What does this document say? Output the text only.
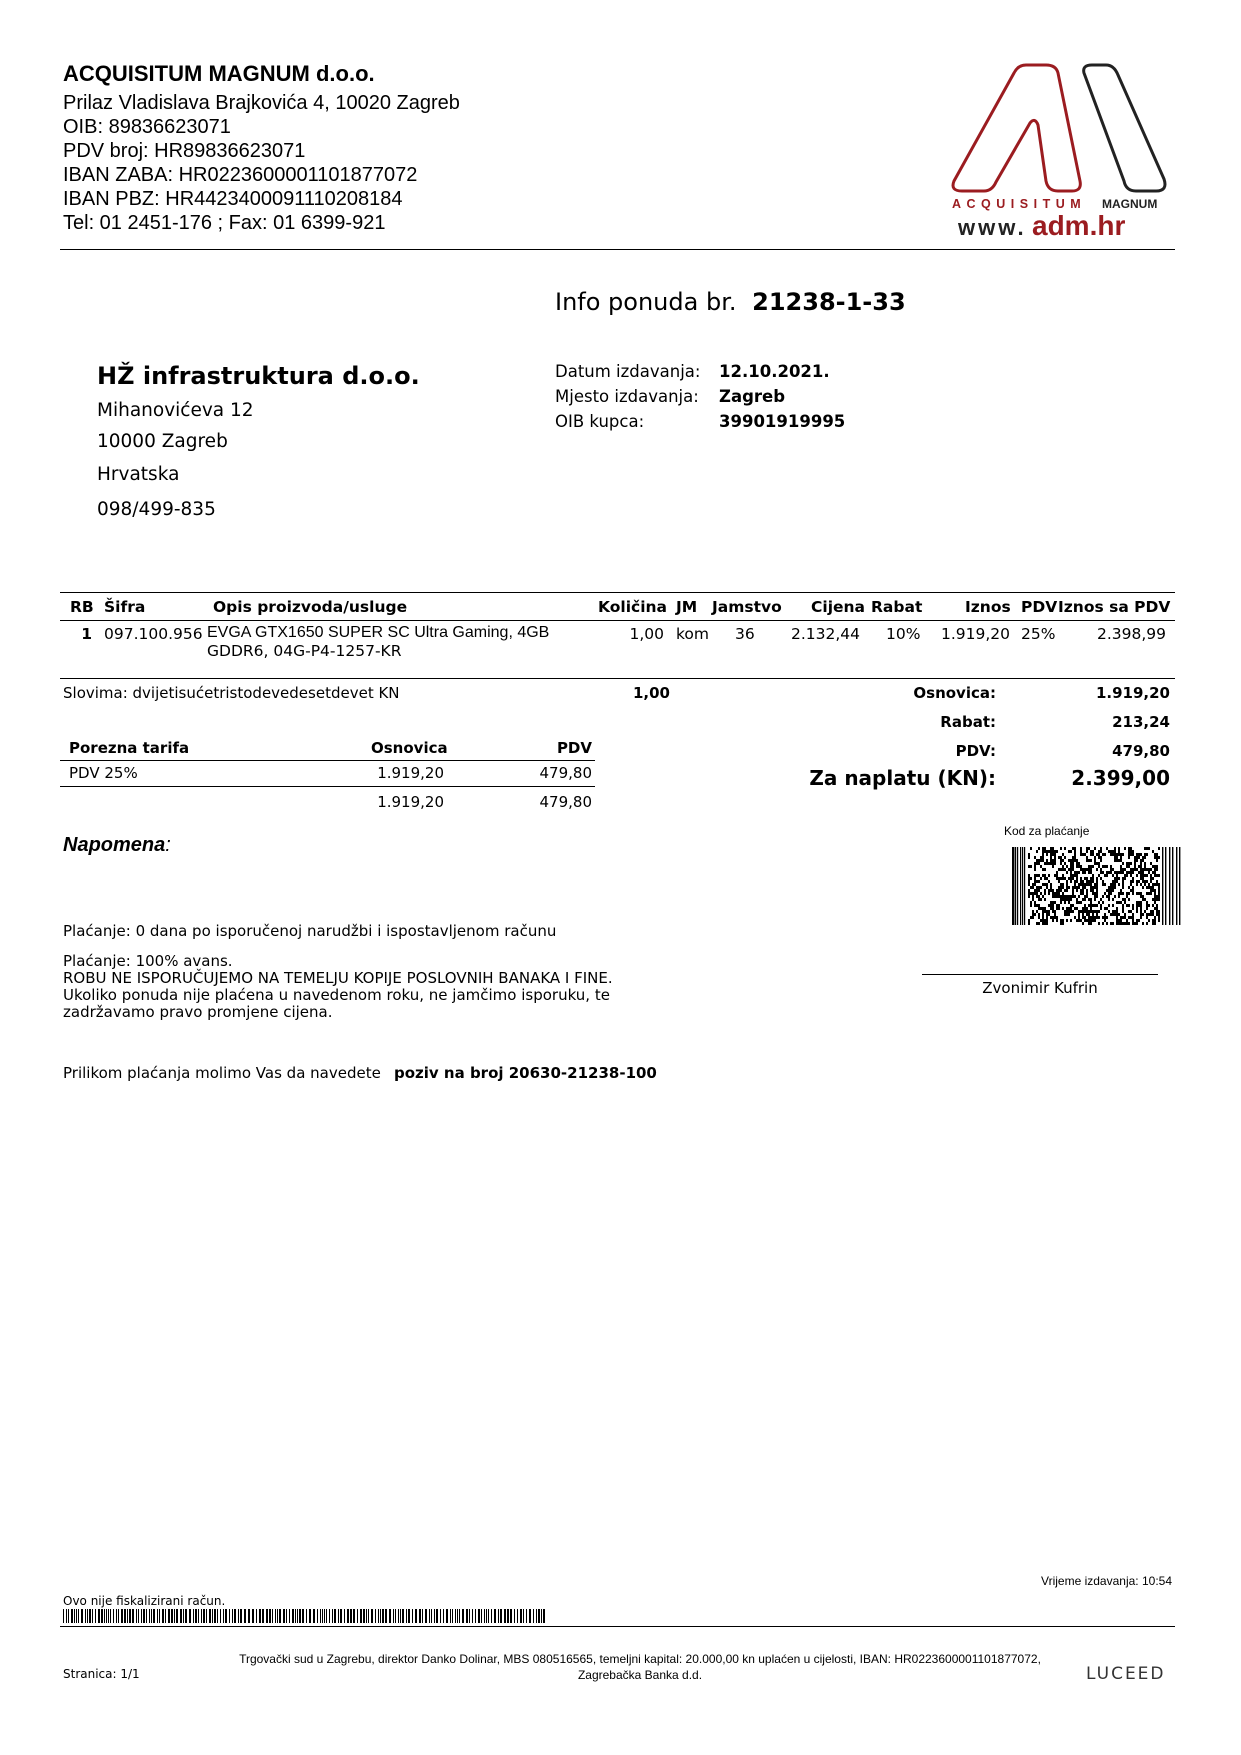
ACQUISITUM MAGNUM d.o.o.
Prilaz Vladislava Brajkovića 4, 10020 Zagreb
OIB: 89836623071
PDV broj: HR89836623071
IBAN ZABA: HR0223600001101877072
IBAN PBZ: HR4423400091110208184
Tel: 01 2451-176 ; Fax: 01 6399-921
ACQUISITUM MAGNUM
www. adm.hr
Info ponuda br. 21238-1-33
HŽ infrastruktura d.o.o.
Mihanovićeva 12
10000 Zagreb
Hrvatska
098/499-835
Datum izdavanja: 12.10.2021.
Mjesto izdavanja: Zagreb
OIB kupca:	39901919995
RB Šifra	Opis proizvoda/usluge	Količina JM Jamstvo Cijena Rabat	Iznos PDV Iznos sa PDV
1 097.100.956 EVGA GTX1650 SUPER SC Ultra Gaming, 4GB
GDDR6, 04G-P4-1257-KR
1,00 kom 36	2.132,44 10%	1.919,20 25%	2.398,99
Slovima: dvijetisućetristodevedesetdevet KN	1,00	Osnovica:	1.919,20
Rabat:	213,24
PDV:	479,80
Za naplatu (KN):	2.399,00
Porezna tarifa	Osnovica	PDV
PDV 25%	1.919,20	479,80
1.919,20	479,80
Napomena:
Kod za plaćanje
Plaćanje: 0 dana po isporučenoj narudžbi i ispostavljenom računu
Plaćanje: 100% avans.
ROBU NE ISPORUČUJEMO NA TEMELJU KOPIJE POSLOVNIH BANAKA I FINE.
Ukoliko ponuda nije plaćena u navedenom roku, ne jamčimo isporuku, te
zadržavamo pravo promjene cijena.
Zvonimir Kufrin
Prilikom plaćanja molimo Vas da navedete poziv na broj 20630-21238-100
Vrijeme izdavanja: 10:54
Ovo nije fiskalizirani račun.
Trgovački sud u Zagrebu, direktor Danko Dolinar, MBS 080516565, temeljni kapital: 20.000,00 kn uplaćen u cijelosti, IBAN: HR0223600001101877072,
Zagrebačka Banka d.d.
Stranica: 1/1	LUCEED
